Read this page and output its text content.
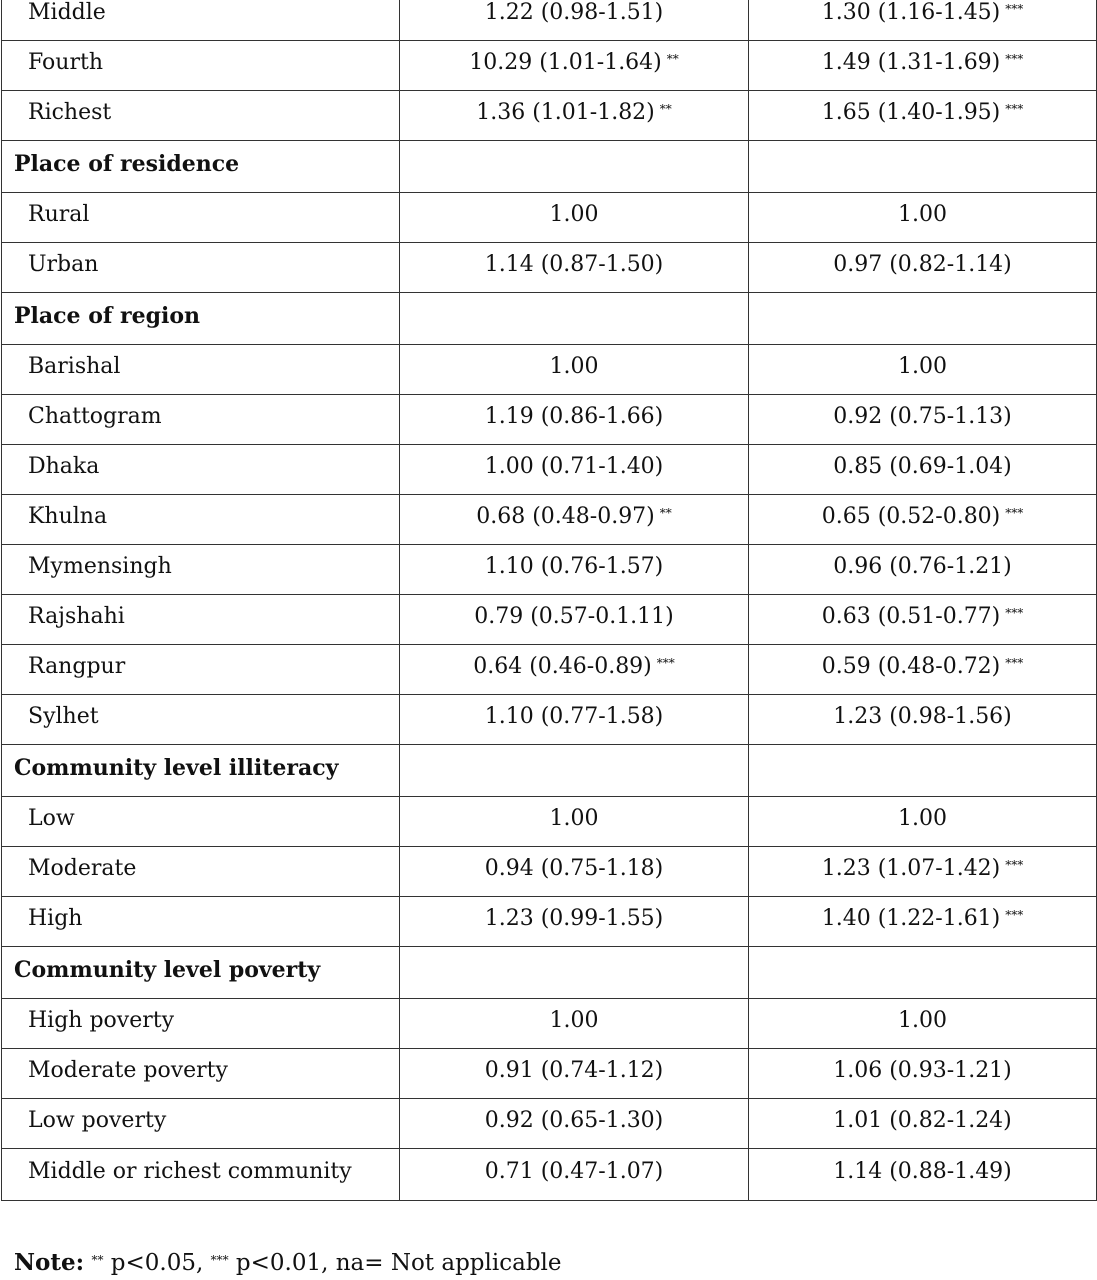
Middle	1.22 (0.98-1.51)	1.30 (1.16-1.45) ***
Fourth	10.29 (1.01-1.64) **	1.49 (1.31-1.69) ***
Richest	1.36 (1.01-1.82) **	1.65 (1.40-1.95) ***
Place of residence		
Rural	1.00	1.00
Urban	1.14 (0.87-1.50)	0.97 (0.82-1.14)
Place of region		
Barishal	1.00	1.00
Chattogram	1.19 (0.86-1.66)	0.92 (0.75-1.13)
Dhaka	1.00 (0.71-1.40)	0.85 (0.69-1.04)
Khulna	0.68 (0.48-0.97) **	0.65 (0.52-0.80) ***
Mymensingh	1.10 (0.76-1.57)	0.96 (0.76-1.21)
Rajshahi	0.79 (0.57-0.1.11)	0.63 (0.51-0.77) ***
Rangpur	0.64 (0.46-0.89) ***	0.59 (0.48-0.72) ***
Sylhet	1.10 (0.77-1.58)	1.23 (0.98-1.56)
Community level illiteracy		
Low	1.00	1.00
Moderate	0.94 (0.75-1.18)	1.23 (1.07-1.42) ***
High	1.23 (0.99-1.55)	1.40 (1.22-1.61) ***
Community level poverty		
High poverty	1.00	1.00
Moderate poverty	0.91 (0.74-1.12)	1.06 (0.93-1.21)
Low poverty	0.92 (0.65-1.30)	1.01 (0.82-1.24)
Middle or richest community	0.71 (0.47-1.07)	1.14 (0.88-1.49)
Note: ** p<0.05, *** p<0.01, na= Not applicable
